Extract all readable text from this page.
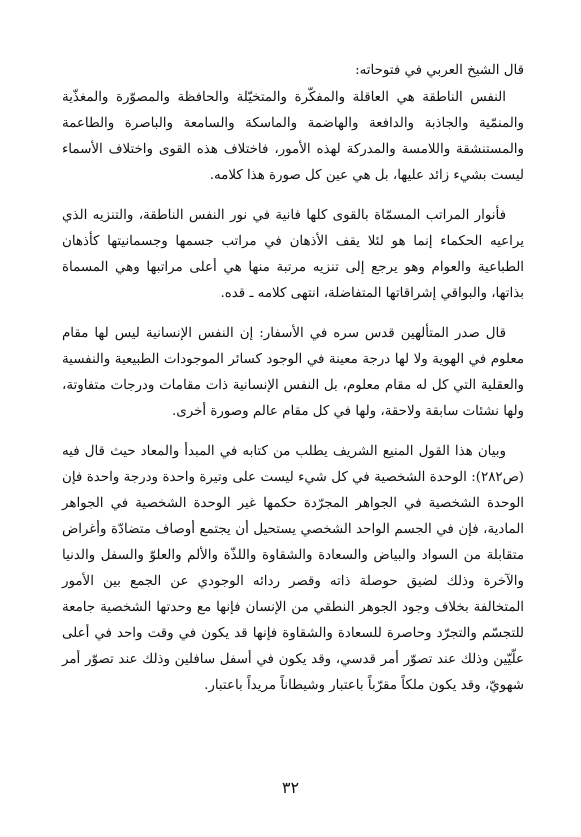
قال الشيخ العربي في فتوحاته:

النفس الناطقة هي العاقلة والمفكّرة والمتخيّلة والحافظة والمصوّرة والمغذّية والمنمّية والجاذبة والدافعة والهاضمة والماسكة والسامعة والباصرة والطاعمة والمستنشقة واللامسة والمدركة لهذه الأمور، فاختلاف هذه القوى واختلاف الأسماء ليست بشيء زائد عليها، بل هي عين كل صورة هذا كلامه.

فأنوار المراتب المسمّاة بالقوى كلها فانية في نور النفس الناطقة، والتنزيه الذي يراعيه الحكماء إنما هو لئلا يقف الأذهان في مراتب جسمها وجسمانيتها كأذهان الطباعية والعوام وهو يرجع إلى تنزيه مرتبة منها هي أعلى مراتبها وهي المسماة بذاتها، والبواقي إشراقاتها المتفاضلة، انتهى كلامه ـ قده.

قال صدر المتألهين قدس سره في الأسفار: إن النفس الإنسانية ليس لها مقام معلوم في الهوية ولا لها درجة معينة في الوجود كسائر الموجودات الطبيعية والنفسية والعقلية التي كل له مقام معلوم، بل النفس الإنسانية ذات مقامات ودرجات متفاوتة، ولها نشئات سابقة ولاحقة، ولها في كل مقام عالم وصورة أخرى.

وبيان هذا القول المنيع الشريف يطلب من كتابه في المبدأ والمعاد حيث قال فيه (ص٢٨٢): الوحدة الشخصية في كل شيء ليست على وتيرة واحدة ودرجة واحدة فإن الوحدة الشخصية في الجواهر المجرّدة حكمها غير الوحدة الشخصية في الجواهر المادية، فإن في الجسم الواحد الشخصي يستحيل أن يجتمع أوصاف متضادّة وأغراض متقابلة من السواد والبياض والسعادة والشقاوة واللذّة والألم والعلوّ والسفل والدنيا والآخرة وذلك لضيق حوصلة ذاته وقصر ردائه الوجودي عن الجمع بين الأمور المتخالفة بخلاف وجود الجوهر النطقي من الإنسان فإنها مع وحدتها الشخصية جامعة للتجسّم والتجرّد وحاصرة للسعادة والشقاوة فإنها قد يكون في وقت واحد في أعلى علّيّين وذلك عند تصوّر أمر قدسي، وقد يكون في أسفل سافلين وذلك عند تصوّر أمر شهويّ، وقد يكون ملكاً مقرّباً باعتبار وشيطاناً مريداً باعتبار.

٣٢
